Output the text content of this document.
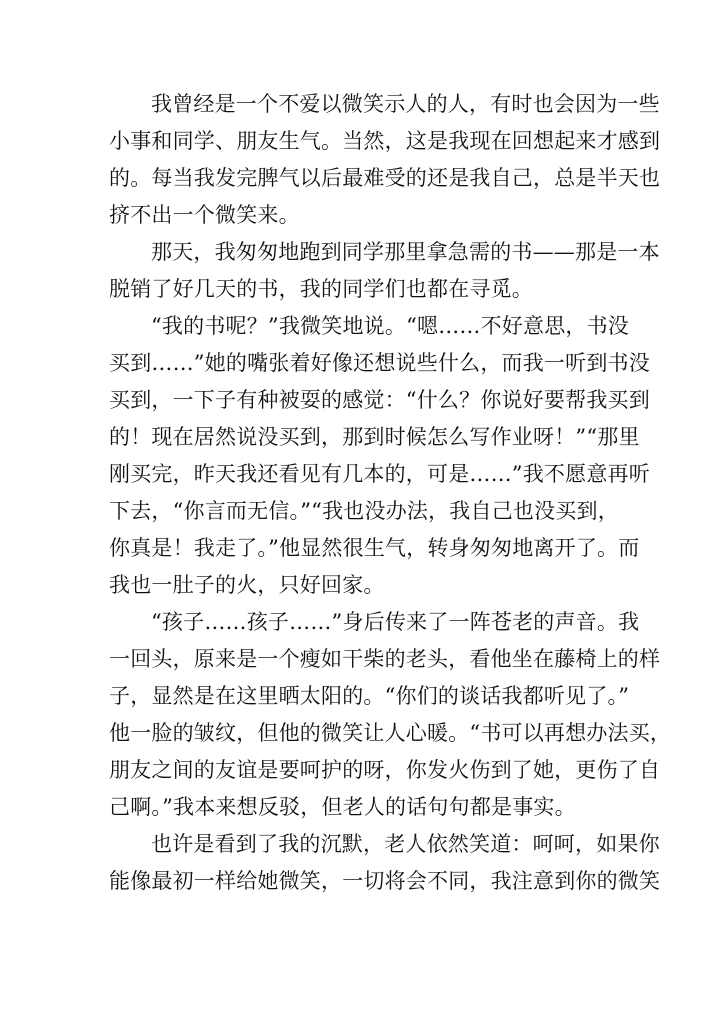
我曾经是一个不爱以微笑示人的人，有时也会因为一些
小事和同学、朋友生气。当然，这是我现在回想起来才感到
的。每当我发完脾气以后最难受的还是我自己，总是半天也
挤不出一个微笑来。
那天，我匆匆地跑到同学那里拿急需的书——那是一本
脱销了好几天的书，我的同学们也都在寻觅。
“我的书呢？”我微笑地说。“嗯……不好意思，书没
买到……”她的嘴张着好像还想说些什么，而我一听到书没
买到，一下子有种被耍的感觉：“什么？你说好要帮我买到
的！现在居然说没买到，那到时候怎么写作业呀！”“那里
刚买完，昨天我还看见有几本的，可是……”我不愿意再听
下去，“你言而无信。”“我也没办法，我自己也没买到，
你真是！我走了。”他显然很生气，转身匆匆地离开了。而
我也一肚子的火，只好回家。
“孩子……孩子……”身后传来了一阵苍老的声音。我
一回头，原来是一个瘦如干柴的老头，看他坐在藤椅上的样
子，显然是在这里晒太阳的。“你们的谈话我都听见了。”
他一脸的皱纹，但他的微笑让人心暖。“书可以再想办法买，
朋友之间的友谊是要呵护的呀，你发火伤到了她，更伤了自
己啊。”我本来想反驳，但老人的话句句都是事实。
也许是看到了我的沉默，老人依然笑道：呵呵，如果你
能像最初一样给她微笑，一切将会不同，我注意到你的微笑
